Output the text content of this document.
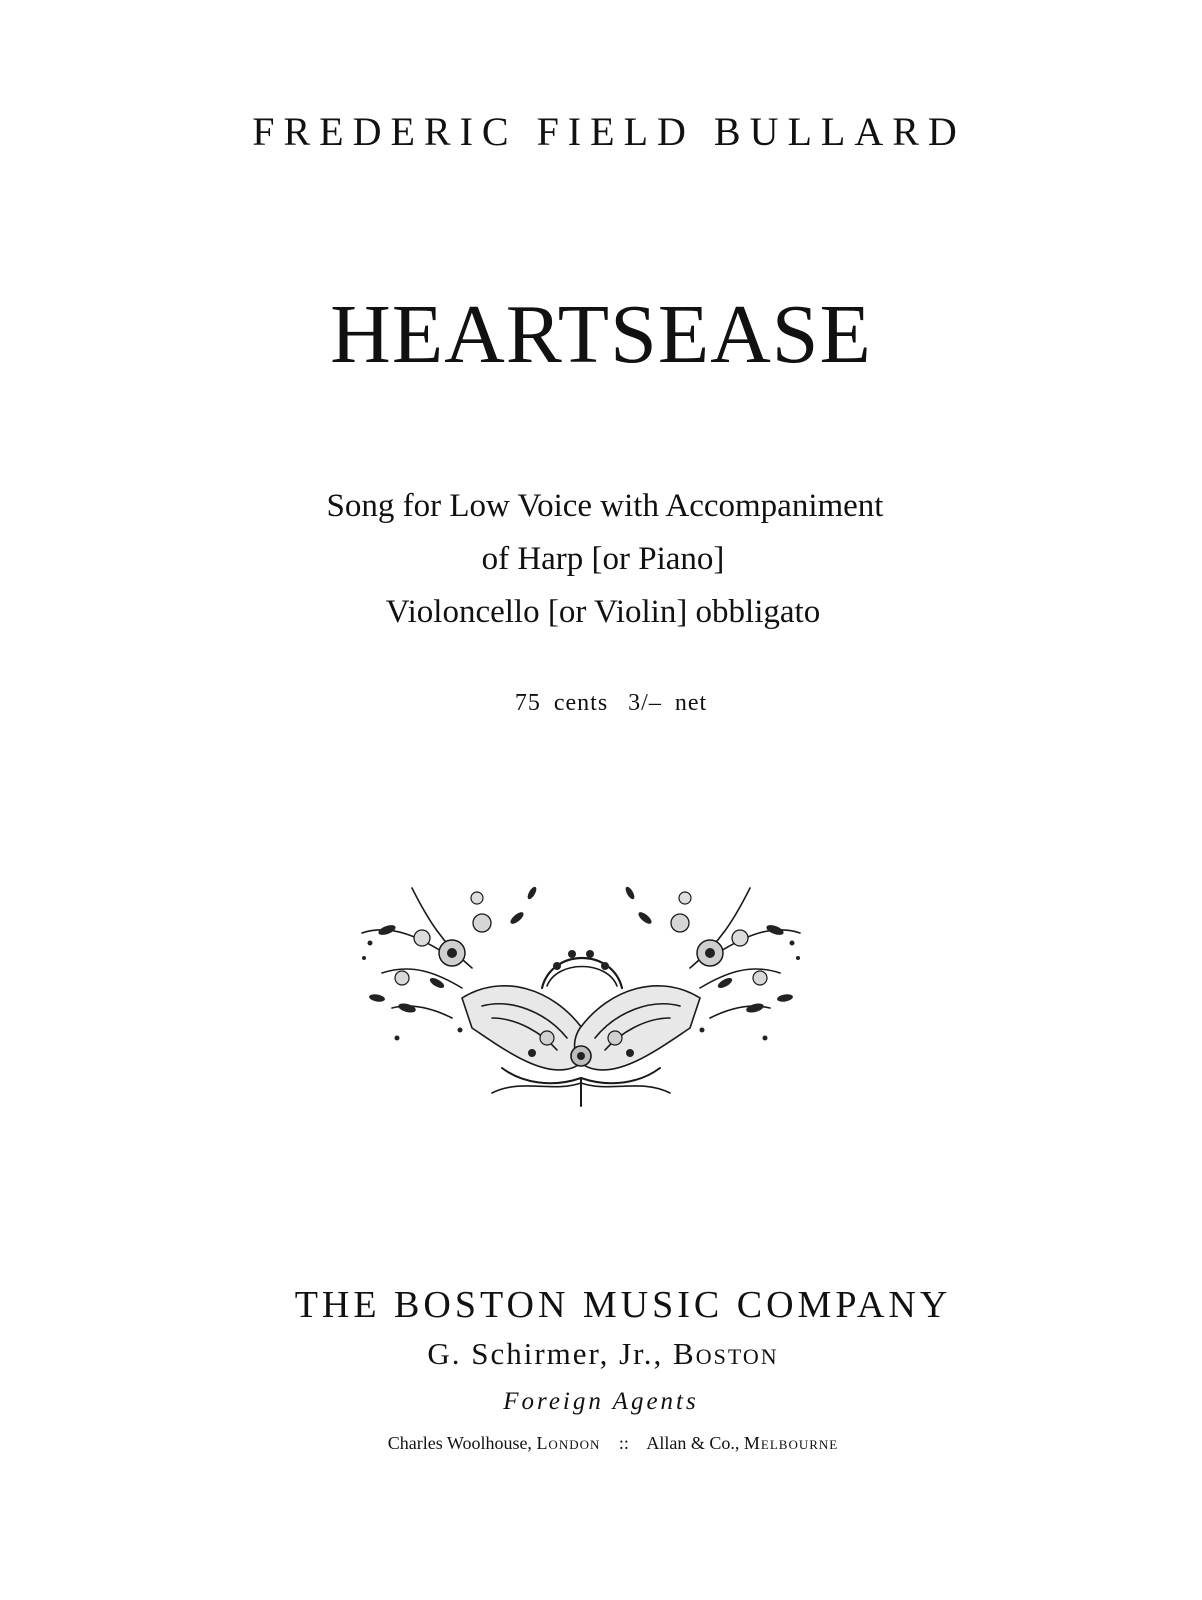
FREDERIC FIELD BULLARD
HEARTSEASE
Song for Low Voice with Accompaniment
of Harp [or Piano]
Violoncello [or Violin] obbligato
75 cents 3/– net
THE BOSTON MUSIC COMPANY
G. Schirmer, Jr., Boston
Foreign Agents
Charles Woolhouse, London :: Allan & Co., Melbourne
